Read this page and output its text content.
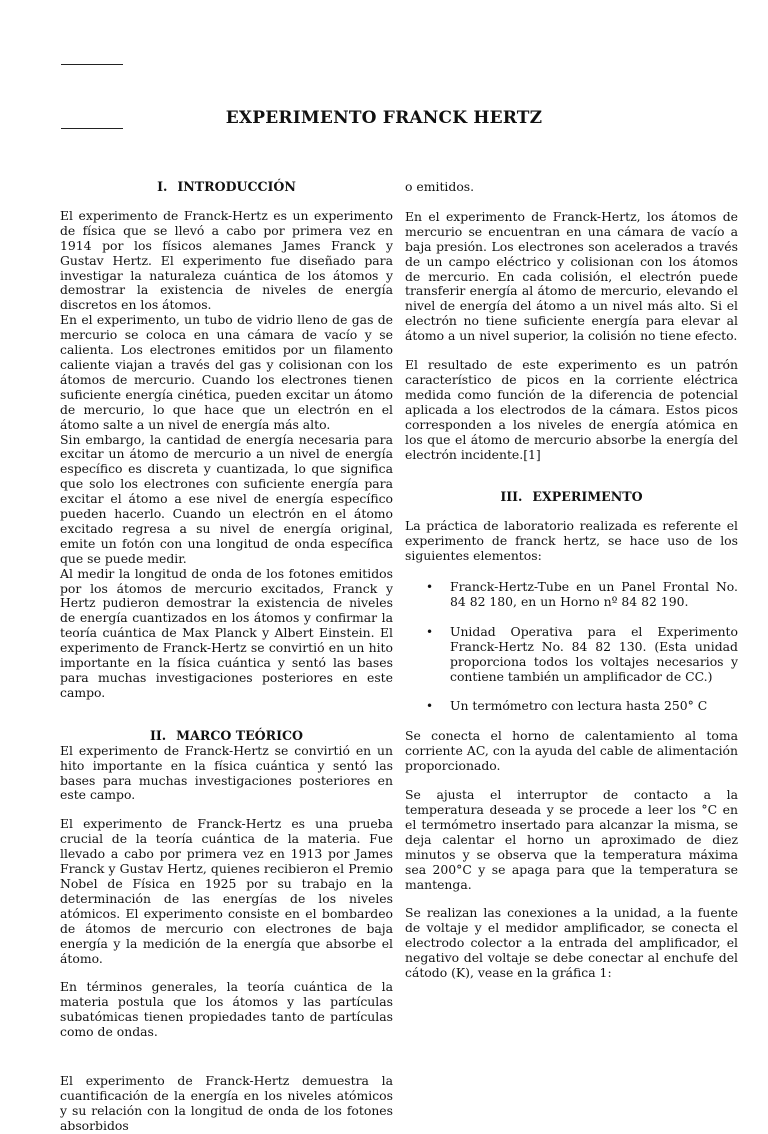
EXPERIMENTO FRANCK HERTZ
I. INTRODUCCIÓN

El experimento de Franck-Hertz es un experimento de física que se llevó a cabo por primera vez en 1914 por los físicos alemanes James Franck y Gustav Hertz. El experimento fue diseñado para investigar la naturaleza cuántica de los átomos y demostrar la existencia de niveles de energía discretos en los átomos.

En el experimento, un tubo de vidrio lleno de gas de mercurio se coloca en una cámara de vacío y se calienta. Los electrones emitidos por un filamento caliente viajan a través del gas y colisionan con los átomos de mercurio. Cuando los electrones tienen suficiente energía cinética, pueden excitar un átomo de mercurio, lo que hace que un electrón en el átomo salte a un nivel de energía más alto.

Sin embargo, la cantidad de energía necesaria para excitar un átomo de mercurio a un nivel de energía específico es discreta y cuantizada, lo que significa que solo los electrones con suficiente energía para excitar el átomo a ese nivel de energía específico pueden hacerlo. Cuando un electrón en el átomo excitado regresa a su nivel de energía original, emite un fotón con una longitud de onda específica que se puede medir.

Al medir la longitud de onda de los fotones emitidos por los átomos de mercurio excitados, Franck y Hertz pudieron demostrar la existencia de niveles de energía cuantizados en los átomos y confirmar la teoría cuántica de Max Planck y Albert Einstein. El experimento de Franck-Hertz se convirtió en un hito importante en la física cuántica y sentó las bases para muchas investigaciones posteriores en este campo.

II. MARCO TEÓRICO

El experimento de Franck-Hertz se convirtió en un hito importante en la física cuántica y sentó las bases para muchas investigaciones posteriores en este campo.

El experimento de Franck-Hertz es una prueba crucial de la teoría cuántica de la materia. Fue llevado a cabo por primera vez en 1913 por James Franck y Gustav Hertz, quienes recibieron el Premio Nobel de Física en 1925 por su trabajo en la determinación de las energías de los niveles atómicos. El experimento consiste en el bombardeo de átomos de mercurio con electrones de baja energía y la medición de la energía que absorbe el átomo.

En términos generales, la teoría cuántica de la materia postula que los átomos y las partículas subatómicas tienen propiedades tanto de partículas como de ondas.

El experimento de Franck-Hertz demuestra la cuantificación de la energía en los niveles atómicos y su relación con la longitud de onda de los fotones absorbidos

o emitidos.

En el experimento de Franck-Hertz, los átomos de mercurio se encuentran en una cámara de vacío a baja presión. Los electrones son acelerados a través de un campo eléctrico y colisionan con los átomos de mercurio. En cada colisión, el electrón puede transferir energía al átomo de mercurio, elevando el nivel de energía del átomo a un nivel más alto. Si el electrón no tiene suficiente energía para elevar al átomo a un nivel superior, la colisión no tiene efecto.

El resultado de este experimento es un patrón característico de picos en la corriente eléctrica medida como función de la diferencia de potencial aplicada a los electrodos de la cámara. Estos picos corresponden a los niveles de energía atómica en los que el átomo de mercurio absorbe la energía del electrón incidente.[1]

III. EXPERIMENTO

La práctica de laboratorio realizada es referente el experimento de franck hertz, se hace uso de los siguientes elementos:

• Franck-Hertz-Tube en un Panel Frontal No. 84 82 180, en un Horno nº 84 82 190.
• Unidad Operativa para el Experimento Franck-Hertz No. 84 82 130. (Esta unidad proporciona todos los voltajes necesarios y contiene también un amplificador de CC.)
• Un termómetro con lectura hasta 250° C

Se conecta el horno de calentamiento al toma corriente AC, con la ayuda del cable de alimentación proporcionado.

Se ajusta el interruptor de contacto a la temperatura deseada y se procede a leer los °C en el termómetro insertado para alcanzar la misma, se deja calentar el horno un aproximado de diez minutos y se observa que la temperatura máxima sea 200°C y se apaga para que la temperatura se mantenga.

Se realizan las conexiones a la unidad, a la fuente de voltaje y el medidor amplificador, se conecta el electrodo colector a la entrada del amplificador, el negativo del voltaje se debe conectar al enchufe del cátodo (K), vease en la gráfica 1:
